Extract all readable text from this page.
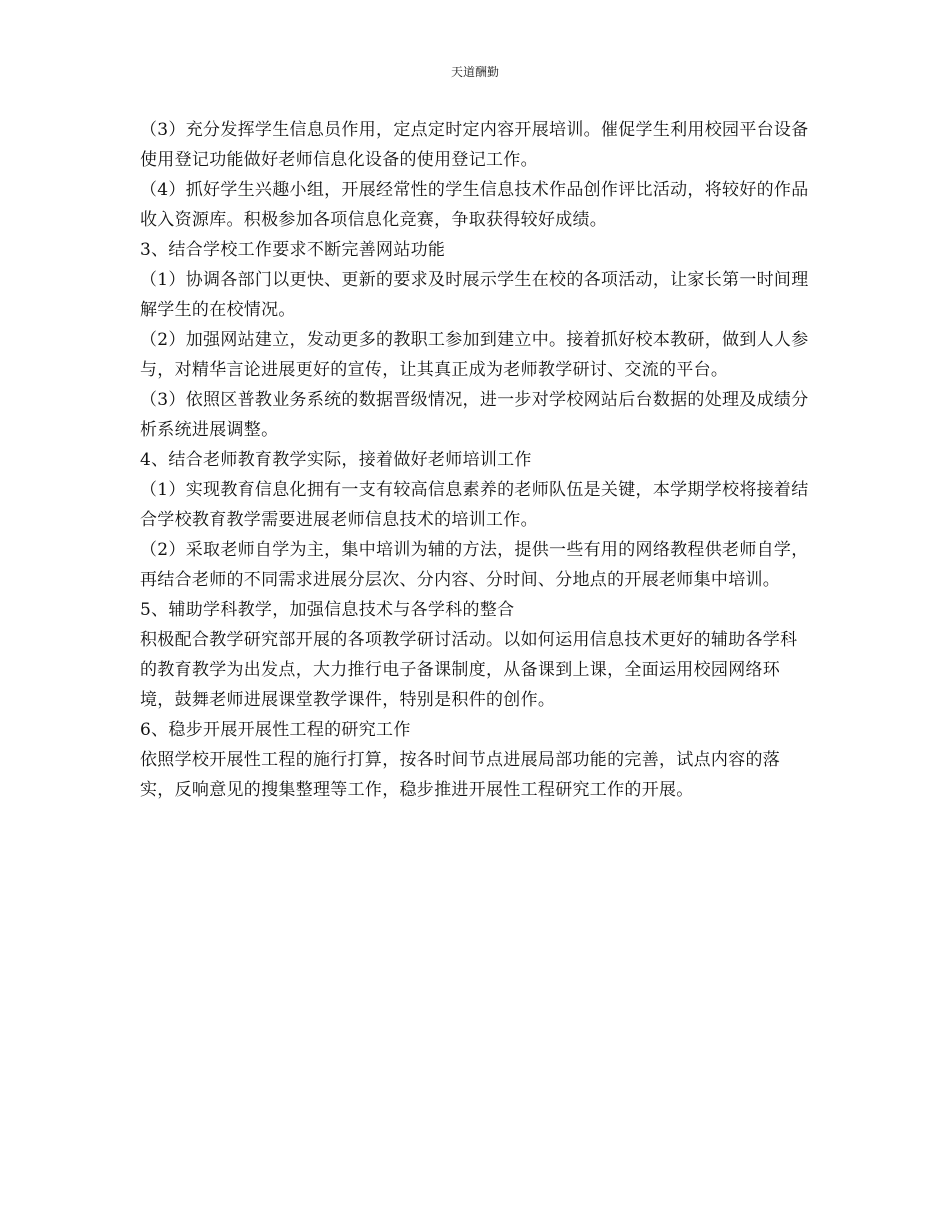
天道酬勤

（3）充分发挥学生信息员作用，定点定时定内容开展培训。催促学生利用校园平台设备使用登记功能做好老师信息化设备的使用登记工作。

（4）抓好学生兴趣小组，开展经常性的学生信息技术作品创作评比活动，将较好的作品收入资源库。积极参加各项信息化竞赛，争取获得较好成绩。

3、结合学校工作要求不断完善网站功能

（1）协调各部门以更快、更新的要求及时展示学生在校的各项活动，让家长第一时间理解学生的在校情况。

（2）加强网站建立，发动更多的教职工参加到建立中。接着抓好校本教研，做到人人参与，对精华言论进展更好的宣传，让其真正成为老师教学研讨、交流的平台。

（3）依照区普教业务系统的数据晋级情况，进一步对学校网站后台数据的处理及成绩分析系统进展调整。

4、结合老师教育教学实际，接着做好老师培训工作

（1）实现教育信息化拥有一支有较高信息素养的老师队伍是关键，本学期学校将接着结合学校教育教学需要进展老师信息技术的培训工作。

（2）采取老师自学为主，集中培训为辅的方法，提供一些有用的网络教程供老师自学，再结合老师的不同需求进展分层次、分内容、分时间、分地点的开展老师集中培训。

5、辅助学科教学，加强信息技术与各学科的整合

积极配合教学研究部开展的各项教学研讨活动。以如何运用信息技术更好的辅助各学科的教育教学为出发点，大力推行电子备课制度，从备课到上课，全面运用校园网络环境，鼓舞老师进展课堂教学课件，特别是积件的创作。

6、稳步开展开展性工程的研究工作

依照学校开展性工程的施行打算，按各时间节点进展局部功能的完善，试点内容的落实，反响意见的搜集整理等工作，稳步推进开展性工程研究工作的开展。
